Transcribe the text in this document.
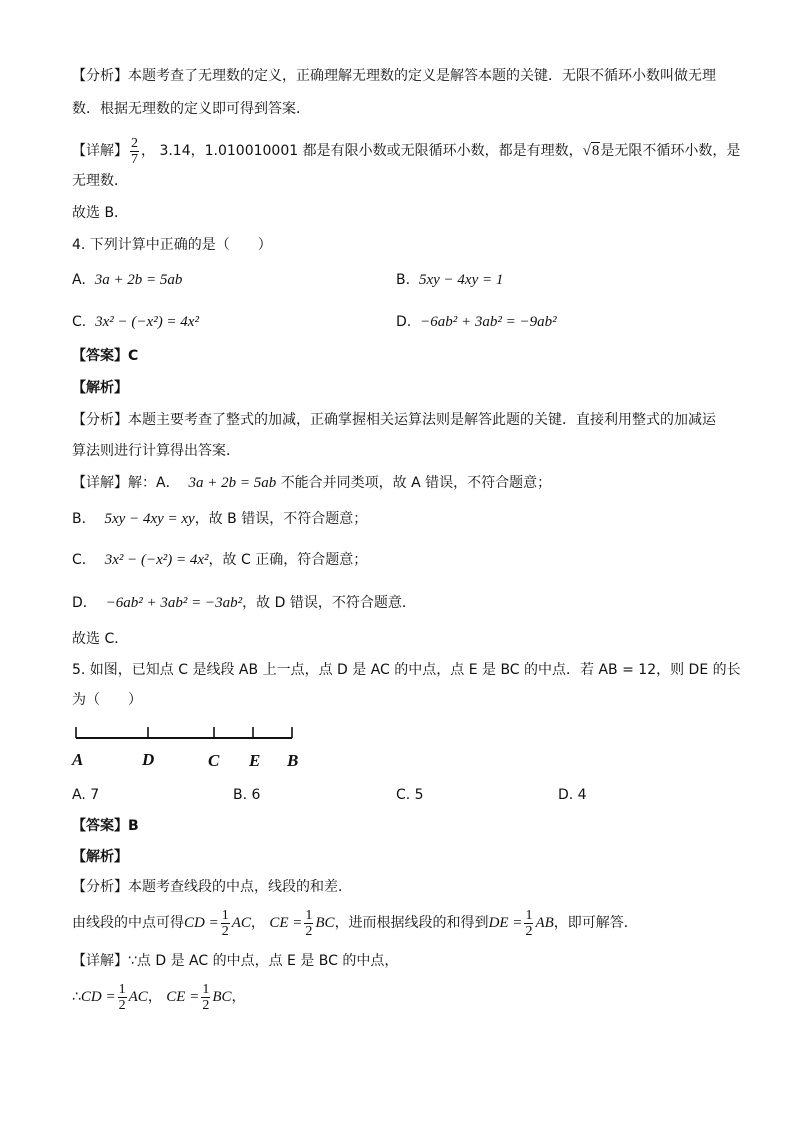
【分析】本题考查了无理数的定义，正确理解无理数的定义是解答本题的关键．无限不循环小数叫做无理
数．根据无理数的定义即可得到答案．
【详解】 $\frac{2}{7}$ ， 3.14，1.010010001 都是有限小数或无限循环小数，都是有理数，√8是无限不循环小数，是
无理数．
故选 B．
4. 下列计算中正确的是（　　）
A. 3a + 2b = 5ab	B. 5xy − 4xy = 1
C. 3x² − (−x²) = 4x²	D. −6ab² + 3ab² = −9ab²
【答案】C
【解析】
【分析】本题主要考查了整式的加减，正确掌握相关运算法则是解答此题的关键．直接利用整式的加减运
算法则进行计算得出答案．
【详解】解：A． 3a + 2b = 5ab 不能合并同类项，故 A 错误，不符合题意；
B． 5xy − 4xy = xy，故 B 错误，不符合题意；
C． 3x² − (−x²) = 4x²，故 C 正确，符合题意；
D． −6ab² + 3ab² = −3ab²，故 D 错误，不符合题意．
故选 C．
5. 如图，已知点 C 是线段 AB 上一点，点 D 是 AC 的中点，点 E 是 BC 的中点．若 AB = 12，则 DE 的长
为（　　）
A	D	C E B
A. 7	B. 6	C. 5	D. 4
【答案】B
【解析】
【分析】本题考查线段的中点，线段的和差．
由线段的中点可得CD = $\frac{1}{2}$ AC， CE = $\frac{1}{2}$ BC，进而根据线段的和得到DE = $\frac{1}{2}$ AB，即可解答．
【详解】∵点 D 是 AC 的中点，点 E 是 BC 的中点，
∴CD = $\frac{1}{2}$ AC， CE = $\frac{1}{2}$ BC，
